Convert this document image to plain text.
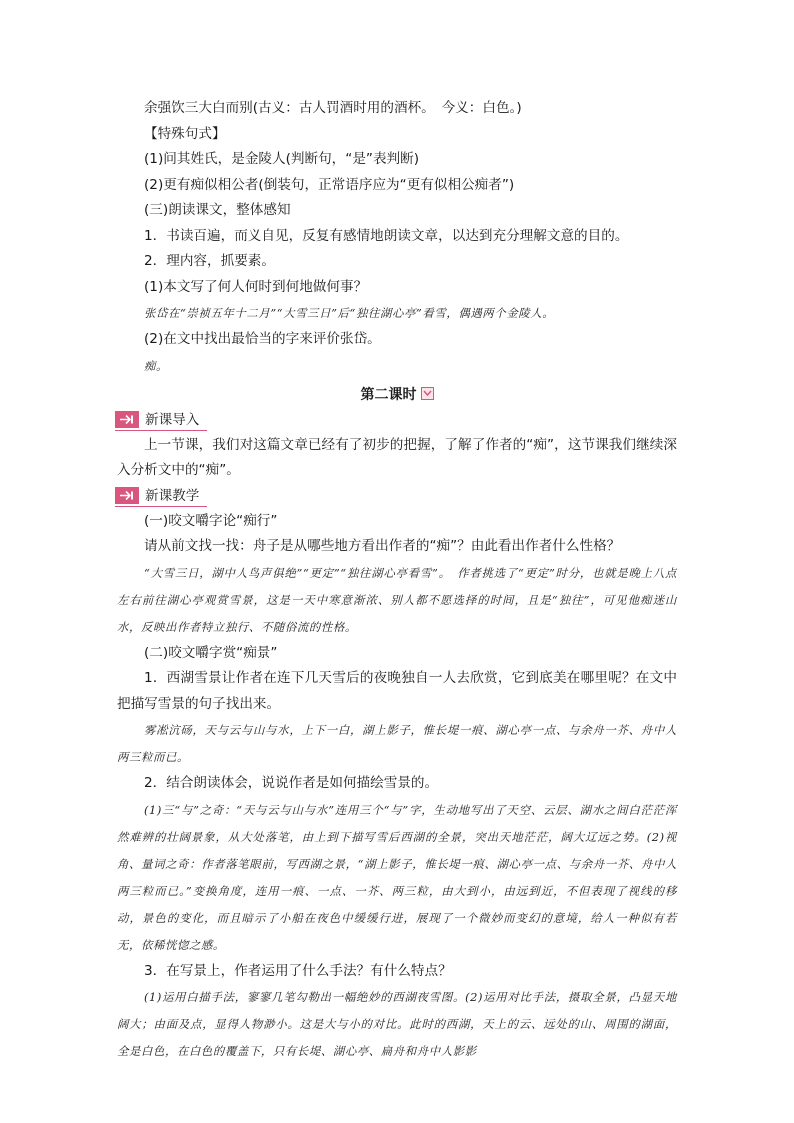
余强饮三大白而别(古义：古人罚酒时用的酒杯。　今义：白色。)
【特殊句式】
(1)问其姓氏，是金陵人(判断句，“是”表判断)
(2)更有痴似相公者(倒装句，正常语序应为“更有似相公痴者”)
(三)朗读课文，整体感知
1．书读百遍，而义自见，反复有感情地朗读文章，以达到充分理解文意的目的。
2．理内容，抓要素。
(1)本文写了何人何时到何地做何事？
张岱在“崇祯五年十二月”“大雪三日”后“独往湖心亭”看雪，偶遇两个金陵人。
(2)在文中找出最恰当的字来评价张岱。
痴。
第二课时
新课导入
上一节课，我们对这篇文章已经有了初步的把握，了解了作者的“痴”，这节课我们继续深入分析文中的“痴”。
新课教学
(一)咬文嚼字论“痴行”
请从前文找一找：舟子是从哪些地方看出作者的“痴”？由此看出作者什么性格？
“大雪三日，湖中人鸟声俱绝”“更定”“独往湖心亭看雪”。　作者挑选了“更定”时分，也就是晚上八点左右前往湖心亭观赏雪景，这是一天中寒意渐浓、别人都不愿选择的时间，且是“独往”，可见他痴迷山水，反映出作者特立独行、不随俗流的性格。
(二)咬文嚼字赏“痴景”
1．西湖雪景让作者在连下几天雪后的夜晚独自一人去欣赏，它到底美在哪里呢？在文中把描写雪景的句子找出来。
雾凇沆砀，天与云与山与水，上下一白，湖上影子，惟长堤一痕、湖心亭一点、与余舟一芥、舟中人两三粒而已。
2．结合朗读体会，说说作者是如何描绘雪景的。
(1)三“与”之奇：“天与云与山与水”连用三个“与”字，生动地写出了天空、云层、湖水之间白茫茫浑然难辨的壮阔景象，从大处落笔，由上到下描写雪后西湖的全景，突出天地茫茫，阔大辽远之势。(2)视角、量词之奇：作者落笔眼前，写西湖之景，“湖上影子，惟长堤一痕、湖心亭一点、与余舟一芥、舟中人两三粒而已。”变换角度，连用一痕、一点、一芥、两三粒，由大到小，由远到近，不但表现了视线的移动，景色的变化，而且暗示了小船在夜色中缓缓行进，展现了一个微妙而变幻的意境，给人一种似有若无，依稀恍惚之感。
3．在写景上，作者运用了什么手法？有什么特点？
(1)运用白描手法，寥寥几笔勾勒出一幅绝妙的西湖夜雪图。(2)运用对比手法，摄取全景，凸显天地阔大；由面及点，显得人物渺小。这是大与小的对比。此时的西湖，天上的云、远处的山、周围的湖面，全是白色，在白色的覆盖下，只有长堤、湖心亭、扁舟和舟中人影影
